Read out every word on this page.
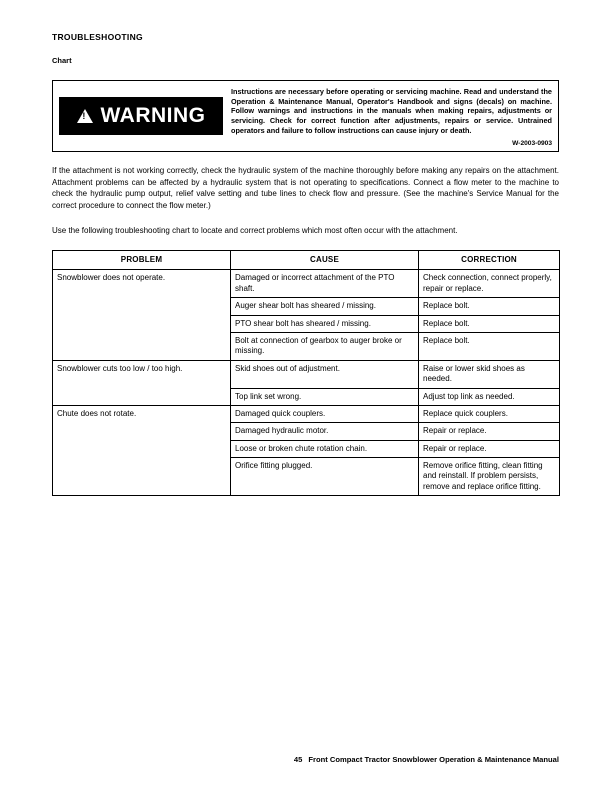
TROUBLESHOOTING
Chart
!
WARNING
Instructions are necessary before operating or servicing machine. Read and understand the Operation & Maintenance Manual, Operator's Handbook and signs (decals) on machine. Follow warnings and instructions in the manuals when making repairs, adjustments or servicing. Check for correct function after adjustments, repairs or service. Untrained operators and failure to follow instructions can cause injury or death.
W-2003-0903
If the attachment is not working correctly, check the hydraulic system of the machine thoroughly before making any repairs on the attachment. Attachment problems can be affected by a hydraulic system that is not operating to specifications. Connect a flow meter to the machine to check the hydraulic pump output, relief valve setting and tube lines to check flow and pressure. (See the machine's Service Manual for the correct procedure to connect the flow meter.)
Use the following troubleshooting chart to locate and correct problems which most often occur with the attachment.
PROBLEM	CAUSE	CORRECTION
Snowblower does not operate.	Damaged or incorrect attachment of the PTO shaft.	Check connection, connect properly, repair or replace.
	Auger shear bolt has sheared / missing.	Replace bolt.
	PTO shear bolt has sheared / missing.	Replace bolt.
	Bolt at connection of gearbox to auger broke or missing.	Replace bolt.
Snowblower cuts too low / too high.	Skid shoes out of adjustment.	Raise or lower skid shoes as needed.
	Top link set wrong.	Adjust top link as needed.
Chute does not rotate.	Damaged quick couplers.	Replace quick couplers.
	Damaged hydraulic motor.	Repair or replace.
	Loose or broken chute rotation chain.	Repair or replace.
	Orifice fitting plugged.	Remove orifice fitting, clean fitting and reinstall. If problem persists, remove and replace orifice fitting.
45 Front Compact Tractor Snowblower Operation & Maintenance Manual
